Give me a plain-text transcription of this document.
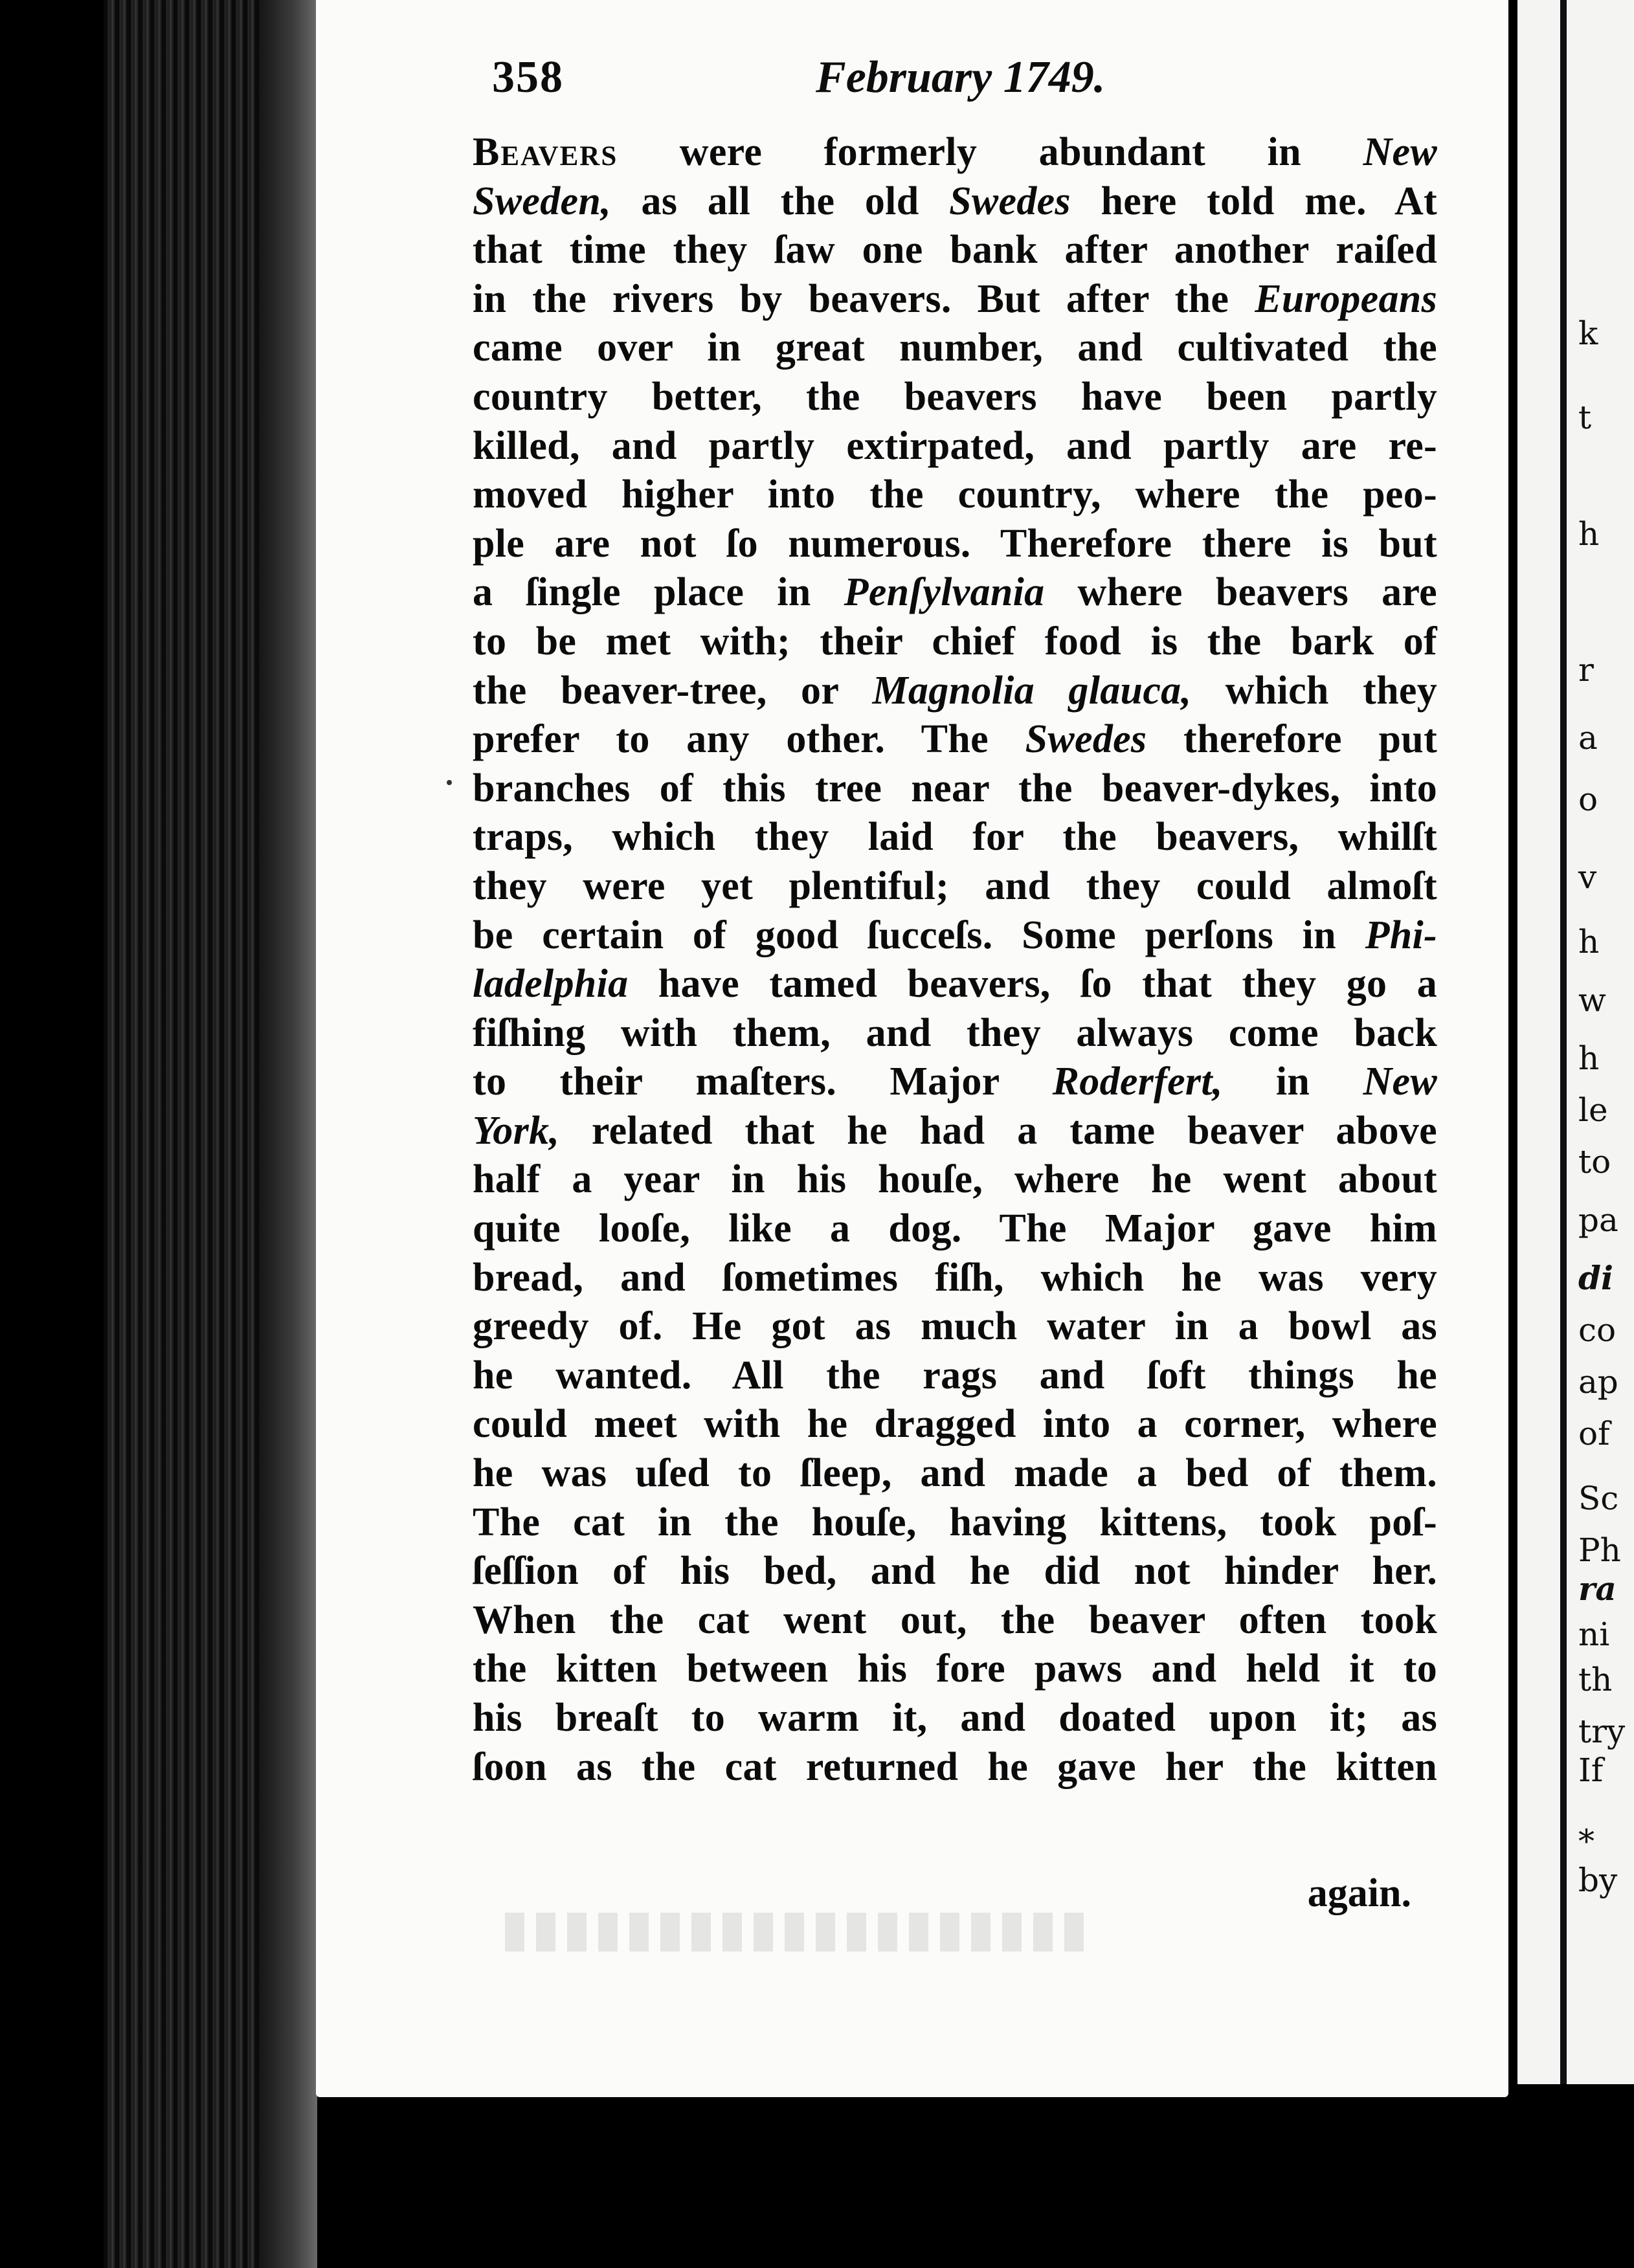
358	February 1749.
Beavers were formerly abundant in New
Sweden, as all the old Swedes here told me. At
that time they ſaw one bank after another raiſed
in the rivers by beavers. But after the Europeans
came over in great number, and cultivated the
country better, the beavers have been partly
killed, and partly extirpated, and partly are re-
moved higher into the country, where the peo-
ple are not ſo numerous. Therefore there is but
a ſingle place in Penſylvania where beavers are
to be met with; their chief food is the bark of
the beaver-tree, or Magnolia glauca, which they
prefer to any other. The Swedes therefore put
branches of this tree near the beaver-dykes, into
traps, which they laid for the beavers, whilſt
they were yet plentiful; and they could almoſt
be certain of good ſucceſs. Some perſons in Phi-
ladelphia have tamed beavers, ſo that they go a
fiſhing with them, and they always come back
to their maſters. Major Roderfert, in New
York, related that he had a tame beaver above
half a year in his houſe, where he went about
quite looſe, like a dog. The Major gave him
bread, and ſometimes fiſh, which he was very
greedy of. He got as much water in a bowl as
he wanted. All the rags and ſoft things he
could meet with he dragged into a corner, where
he was uſed to ſleep, and made a bed of them.
The cat in the houſe, having kittens, took poſ-
ſeſſion of his bed, and he did not hinder her.
When the cat went out, the beaver often took
the kitten between his fore paws and held it to
his breaſt to warm it, and doated upon it; as
ſoon as the cat returned he gave her the kitten
again.
k
t
h
r
a
o
v
h
w
h
le
to
pa
di
co
ap
of
Sc
Ph
ra
ni
th
try
If
*
by
